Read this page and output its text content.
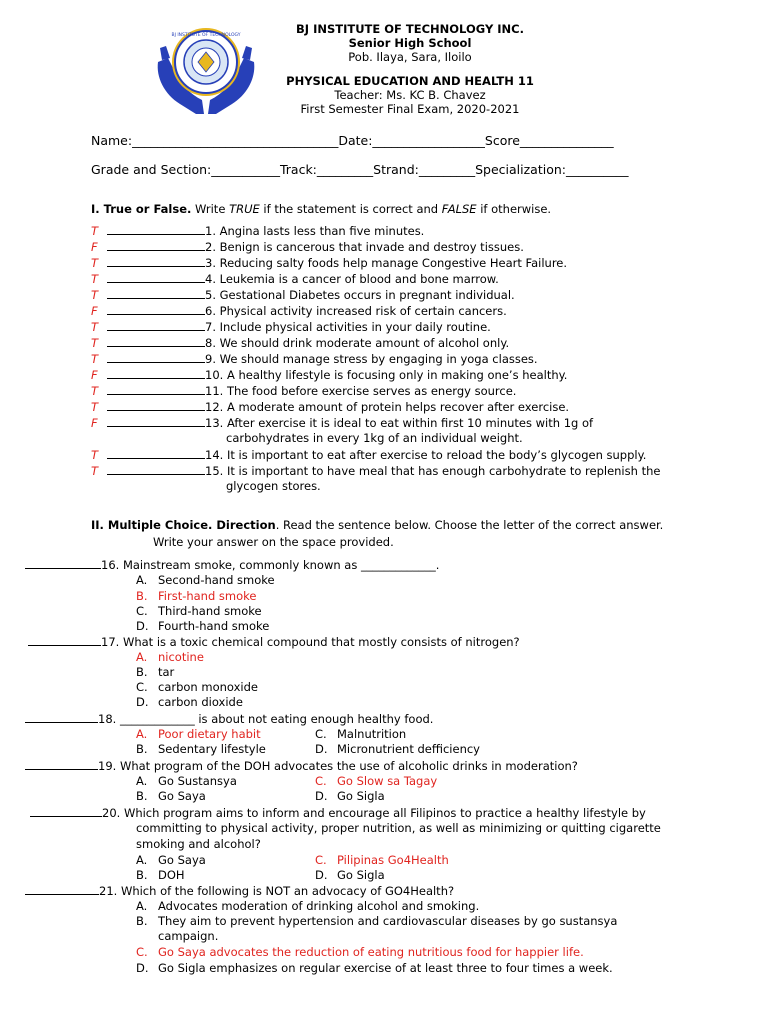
BJ INSTITUTE OF TECHNOLOGY	BJ INSTITUTE OF TECHNOLOGY INC.
Senior High School
Pob. Ilaya, Sara, Iloilo
PHYSICAL EDUCATION AND HEALTH 11
Teacher: Ms. KC B. Chavez
First Semester Final Exam, 2020-2021
Name:_________________________________Date:__________________Score_______________
Grade and Section:___________Track:_________Strand:_________Specialization:__________
I. True or False. Write TRUE if the statement is correct and FALSE if otherwise.
T	1. Angina lasts less than five minutes.
F	2. Benign is cancerous that invade and destroy tissues.
T	3. Reducing salty foods help manage Congestive Heart Failure.
T	4. Leukemia is a cancer of blood and bone marrow.
T	5. Gestational Diabetes occurs in pregnant individual.
F	6. Physical activity increased risk of certain cancers.
T	7. Include physical activities in your daily routine.
T	8. We should drink moderate amount of alcohol only.
T	9. We should manage stress by engaging in yoga classes.
F	10. A healthy lifestyle is focusing only in making one’s healthy.
T	11. The food before exercise serves as energy source.
T	12. A moderate amount of protein helps recover after exercise.
F	13. After exercise it is ideal to eat within first 10 minutes with 1g of
carbohydrates in every 1kg of an individual weight.
T	14. It is important to eat after exercise to reload the body’s glycogen supply.
T	15. It is important to have meal that has enough carbohydrate to replenish the
glycogen stores.
II. Multiple Choice. Direction. Read the sentence below. Choose the letter of the correct answer.
Write your answer on the space provided.
16. Mainstream smoke, commonly known as _____________.
A. Second-hand smoke
B. First-hand smoke
C. Third-hand smoke
D. Fourth-hand smoke
17. What is a toxic chemical compound that mostly consists of nitrogen?
A. nicotine
B. tar
C. carbon monoxide
D. carbon dioxide
18. _____________ is about not eating enough healthy food.
A. Poor dietary habit	C. Malnutrition
B. Sedentary lifestyle	D. Micronutrient defficiency
19. What program of the DOH advocates the use of alcoholic drinks in moderation?
A. Go Sustansya	C. Go Slow sa Tagay
B. Go Saya	D. Go Sigla
20. Which program aims to inform and encourage all Filipinos to practice a healthy lifestyle by
committing to physical activity, proper nutrition, as well as minimizing or quitting cigarette
smoking and alcohol?
A. Go Saya	C. Pilipinas Go4Health
B. DOH	D. Go Sigla
21. Which of the following is NOT an advocacy of GO4Health?
A. Advocates moderation of drinking alcohol and smoking.
B. They aim to prevent hypertension and cardiovascular diseases by go sustansya
campaign.
C. Go Saya advocates the reduction of eating nutritious food for happier life.
D. Go Sigla emphasizes on regular exercise of at least three to four times a week.
